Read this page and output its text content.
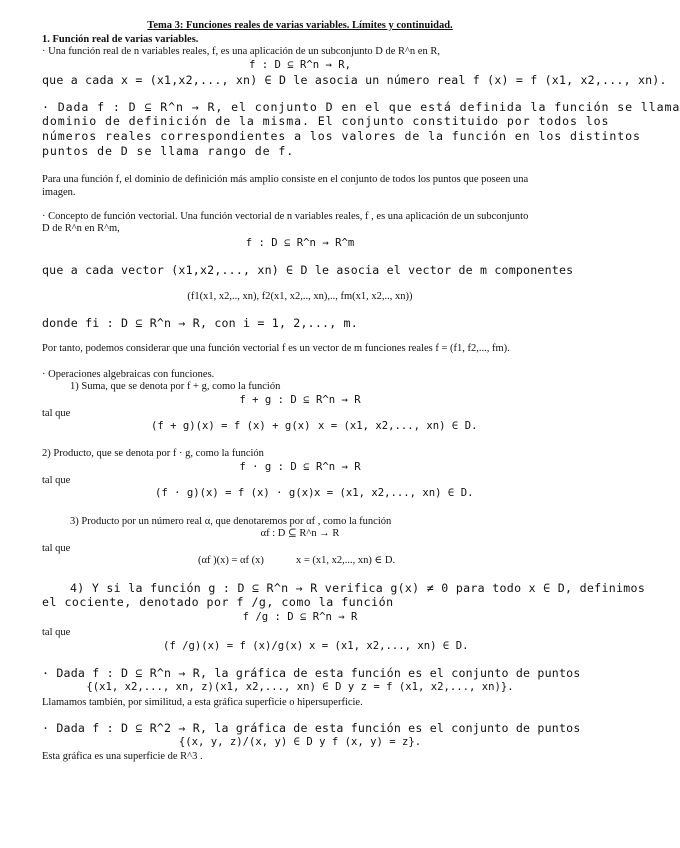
Tema 3: Funciones reales de varias variables. Límites y continuidad.
1. Función real de varias variables.
· Una función real de n variables reales, f, es una aplicación de un subconjunto D de R^n en R,
f : D ⊆ R^n → R,
que a cada x = (x1,x2,..., xn) ∈ D le asocia un número real f (x) = f (x1, x2,..., xn).
· Dada f : D ⊆ R^n → R, el conjunto D en el que está definida la función se llama
dominio de definición de la misma. El conjunto constituido por todos los
números reales correspondientes a los valores de la función en los distintos
puntos de D se llama rango de f.
Para una función f, el dominio de definición más amplio consiste en el conjunto de todos los puntos que poseen una
imagen.
· Concepto de función vectorial. Una función vectorial de n variables reales, f , es una aplicación de un subconjunto
D de R^n en R^m,
f : D ⊆ R^n → R^m
que a cada vector (x1,x2,..., xn) ∈ D le asocia el vector de m componentes
(f1(x1, x2,.., xn), f2(x1, x2,.., xn),.., fm(x1, x2,.., xn))
donde fi : D ⊆ R^n → R, con i = 1, 2,..., m.
Por tanto, podemos considerar que una función vectorial f es un vector de m funciones reales f = (f1, f2,..., fm).
· Operaciones algebraicas con funciones.
1) Suma, que se denota por f + g, como la función
f + g : D ⊆ R^n → R
tal que
(f + g)(x) = f (x) + g(x) x = (x1, x2,..., xn) ∈ D.
2) Producto, que se denota por f · g, como la función
f · g : D ⊆ R^n → R
tal que
(f · g)(x) = f (x) · g(x) x = (x1, x2,..., xn) ∈ D.
3) Producto por un número real α, que denotaremos por αf , como la función
αf : D ⊆ R^n → R
tal que
(αf )(x) = αf (x)	x = (x1, x2,..., xn) ∈ D.
4) Y si la función g : D ⊆ R^n → R verifica g(x) ≠ 0 para todo x ∈ D, definimos
el cociente, denotado por f /g, como la función
f /g : D ⊆ R^n → R
tal que
(f /g)(x) = f (x)/g(x) x = (x1, x2,..., xn) ∈ D.
· Dada f : D ⊆ R^n → R, la gráfica de esta función es el conjunto de puntos
{(x1, x2,..., xn, z)(x1, x2,..., xn) ∈ D y z = f (x1, x2,..., xn)}.
Llamamos también, por similitud, a esta gráfica superficie o hipersuperficie.
· Dada f : D ⊆ R^2 → R, la gráfica de esta función es el conjunto de puntos
{(x, y, z)/(x, y) ∈ D y f (x, y) = z}.
Esta gráfica es una superficie de R^3 .
